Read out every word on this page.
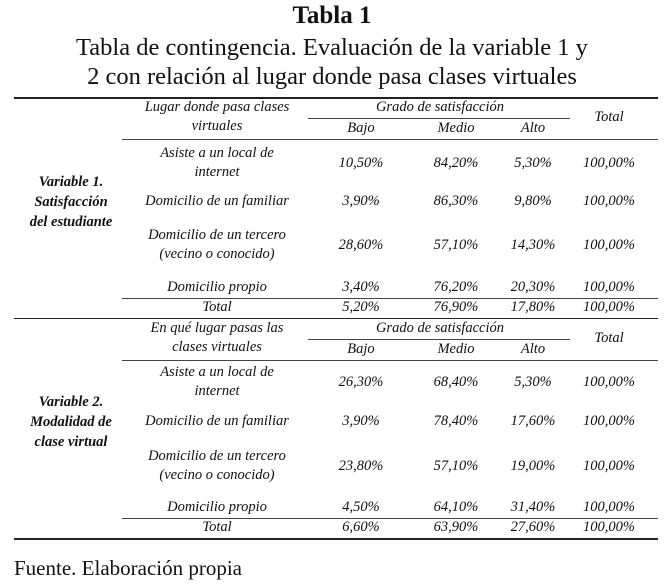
Tabla 1
Tabla de contingencia. Evaluación de la variable 1 y
2 con relación al lugar donde pasa clases virtuales
Lugar donde pasa clases
virtuales
Grado de satisfacción
Bajo	Medio	Alto
Total
Variable 1.
Satisfacción
del estudiante
Asiste a un local de
internet
10,50%	84,20%	5,30%	100,00%
Domicilio de un familiar	3,90%	86,30%	9,80%	100,00%
Domicilio de un tercero
(vecino o conocido)
28,60%	57,10%	14,30%	100,00%
Domicilio propio	3,40%	76,20%	20,30%	100,00%
Total	5,20%	76,90%	17,80%	100,00%
En qué lugar pasas las
clases virtuales
Grado de satisfacción
Bajo	Medio	Alto
Total
Variable 2.
Modalidad de
clase virtual
Asiste a un local de
internet
26,30%	68,40%	5,30%	100,00%
Domicilio de un familiar	3,90%	78,40%	17,60%	100,00%
Domicilio de un tercero
(vecino o conocido)
23,80%	57,10%	19,00%	100,00%
Domicilio propio	4,50%	64,10%	31,40%	100,00%
Total	6,60%	63,90%	27,60%	100,00%
Fuente. Elaboración propia
